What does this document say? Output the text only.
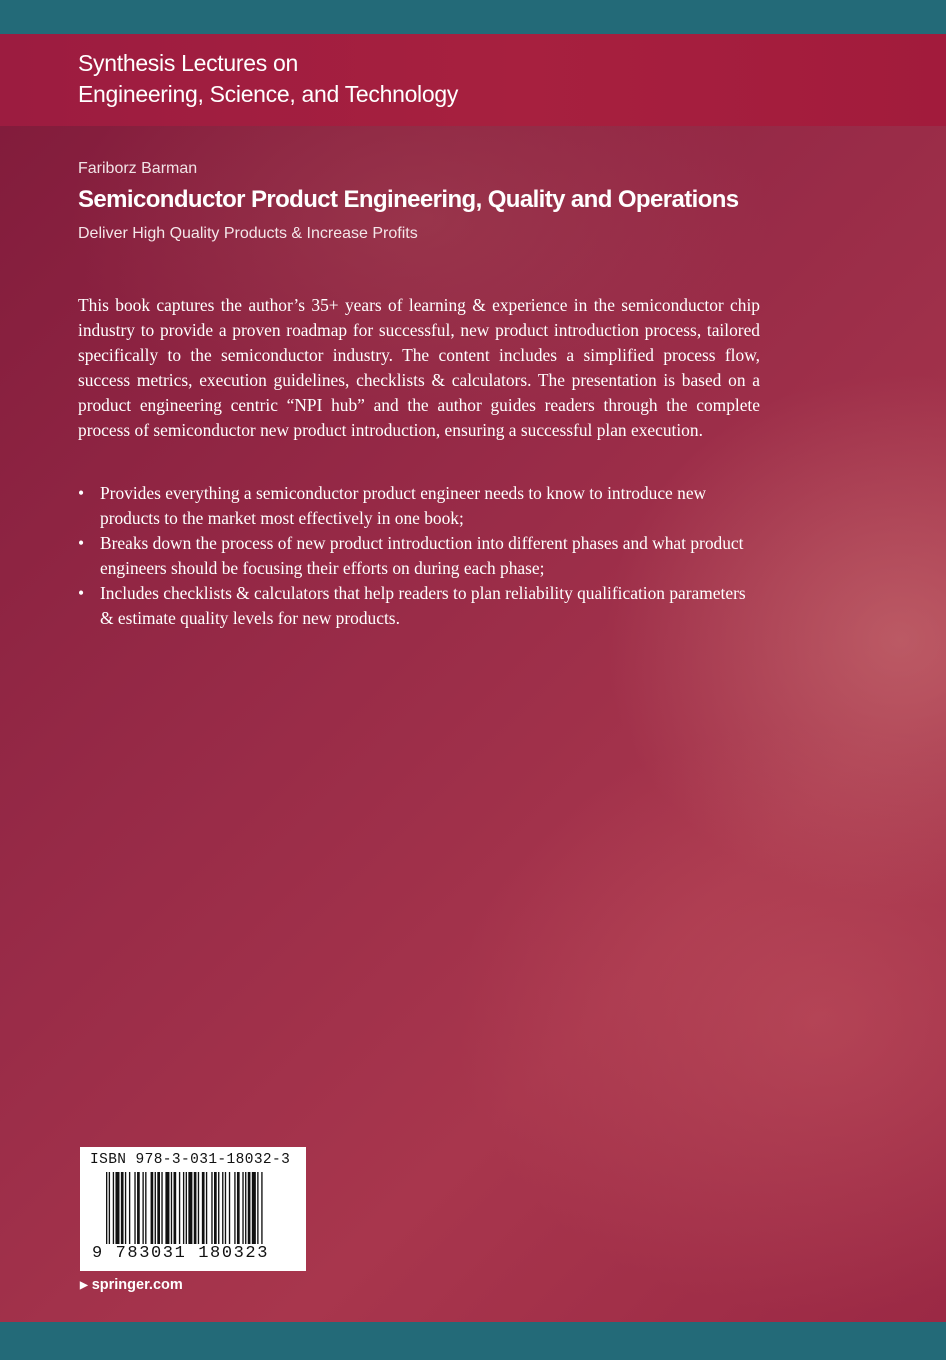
Synthesis Lectures on
Engineering, Science, and Technology
Fariborz Barman
Semiconductor Product Engineering, Quality and Operations
Deliver High Quality Products & Increase Profits

This book captures the author’s 35+ years of learning & experience in the semiconductor chip industry to provide a proven roadmap for successful, new product introduction process, tailored specifically to the semiconductor industry. The content includes a simplified process flow, success metrics, execution guidelines, checklists & calculators. The presentation is based on a product engineering centric “NPI hub” and the author guides readers through the complete process of semiconductor new product introduction, ensuring a successful plan execution.

• Provides everything a semiconductor product engineer needs to know to introduce new products to the market most effectively in one book;
• Breaks down the process of new product introduction into different phases and what product engineers should be focusing their efforts on during each phase;
• Includes checklists & calculators that help readers to plan reliability qualification parameters & estimate quality levels for new products.
ISBN 978-3-031-18032-3
9 783031 180323
▶ springer.com
